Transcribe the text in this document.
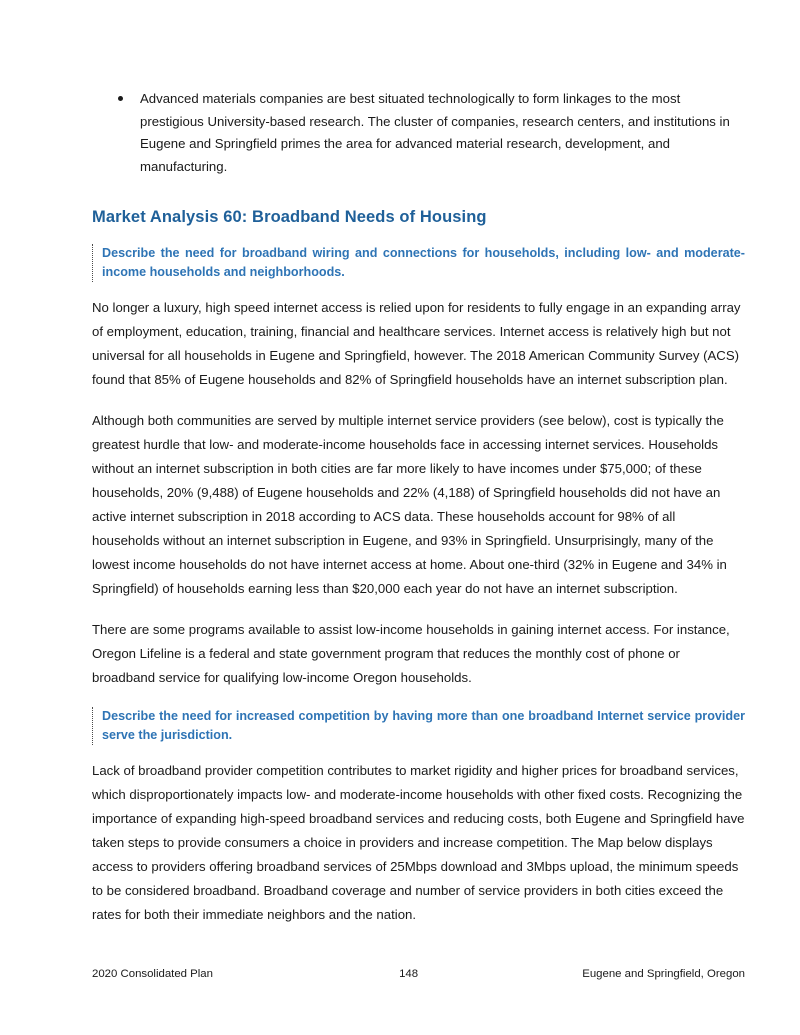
Advanced materials companies are best situated technologically to form linkages to the most prestigious University-based research. The cluster of companies, research centers, and institutions in Eugene and Springfield primes the area for advanced material research, development, and manufacturing.
Market Analysis 60: Broadband Needs of Housing

Describe the need for broadband wiring and connections for households, including low- and moderate-income households and neighborhoods.

No longer a luxury, high speed internet access is relied upon for residents to fully engage in an expanding array of employment, education, training, financial and healthcare services. Internet access is relatively high but not universal for all households in Eugene and Springfield, however. The 2018 American Community Survey (ACS) found that 85% of Eugene households and 82% of Springfield households have an internet subscription plan.

Although both communities are served by multiple internet service providers (see below), cost is typically the greatest hurdle that low- and moderate-income households face in accessing internet services. Households without an internet subscription in both cities are far more likely to have incomes under $75,000; of these households, 20% (9,488) of Eugene households and 22% (4,188) of Springfield households did not have an active internet subscription in 2018 according to ACS data. These households account for 98% of all households without an internet subscription in Eugene, and 93% in Springfield. Unsurprisingly, many of the lowest income households do not have internet access at home. About one-third (32% in Eugene and 34% in Springfield) of households earning less than $20,000 each year do not have an internet subscription.

There are some programs available to assist low-income households in gaining internet access. For instance, Oregon Lifeline is a federal and state government program that reduces the monthly cost of phone or broadband service for qualifying low-income Oregon households.

Describe the need for increased competition by having more than one broadband Internet service provider serve the jurisdiction.

Lack of broadband provider competition contributes to market rigidity and higher prices for broadband services, which disproportionately impacts low- and moderate-income households with other fixed costs. Recognizing the importance of expanding high-speed broadband services and reducing costs, both Eugene and Springfield have taken steps to provide consumers a choice in providers and increase competition. The Map below displays access to providers offering broadband services of 25Mbps download and 3Mbps upload, the minimum speeds to be considered broadband. Broadband coverage and number of service providers in both cities exceed the rates for both their immediate neighbors and the nation.

2020 Consolidated Plan	148	Eugene and Springfield, Oregon
